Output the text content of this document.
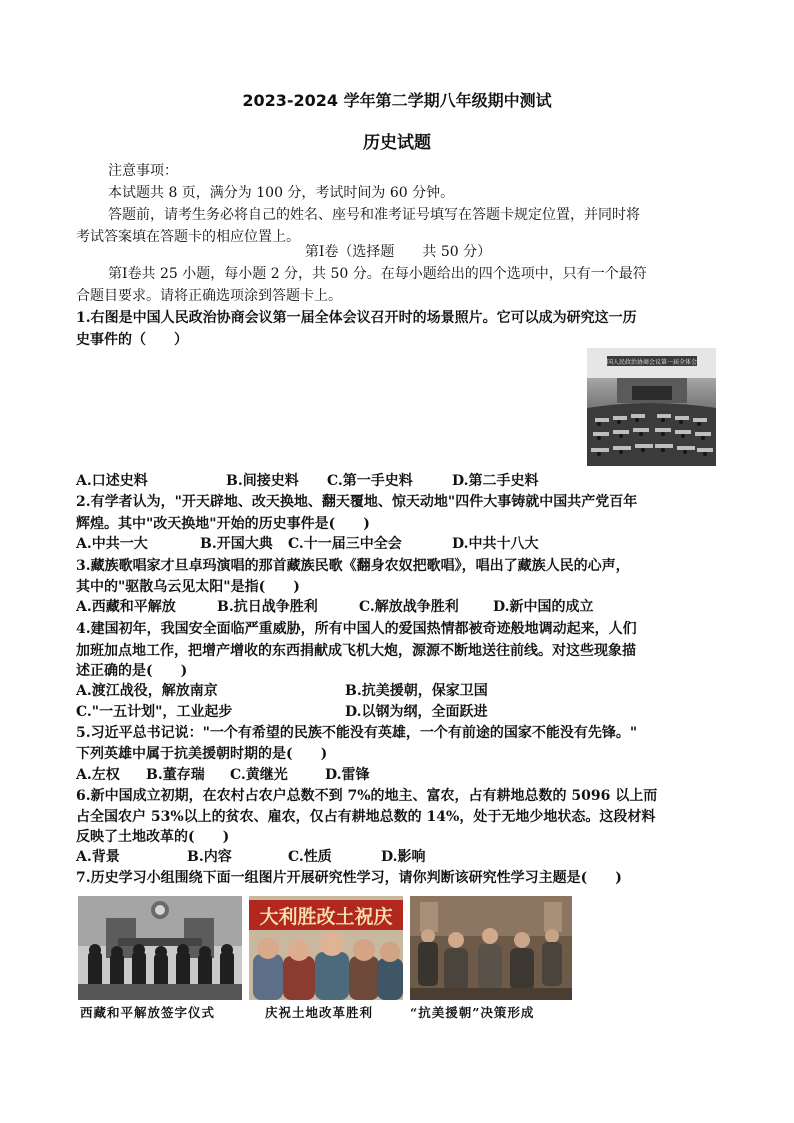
2023-2024 学年第二学期八年级期中测试
历史试题
注意事项：
本试题共 8 页，满分为 100 分，考试时间为 60 分钟。
答题前，请考生务必将自己的姓名、座号和准考证号填写在答题卡规定位置，并同时将
考试答案填在答题卡的相应位置上。
第Ⅰ卷（选择题　　共 50 分）
第Ⅰ卷共 25 小题，每小题 2 分，共 50 分。在每小题给出的四个选项中，只有一个最符
合题目要求。请将正确选项涂到答题卡上。
1.右图是中国人民政治协商会议第一届全体会议召开时的场景照片。它可以成为研究这一历
史事件的（　　）
中国人民政治协商会议第一届全体会议
A.口述史料	B.间接史料 C.第一手史料	D.第二手史料
2.有学者认为，"开天辟地、改天换地、翻天覆地、惊天动地"四件大事铸就中国共产党百年
辉煌。其中"改天换地"开始的历史事件是(　　)
A.中共一大	B.开国大典 C.十一届三中全会	D.中共十八大
3.藏族歌唱家才旦卓玛演唱的那首藏族民歌《翻身农奴把歌唱》，唱出了藏族人民的心声，
其中的"驱散乌云见太阳"是指(　　)
A.西藏和平解放	B.抗日战争胜利	C.解放战争胜利 D.新中国的成立
4.建国初年，我国安全面临严重威胁，所有中国人的爱国热情都被奇迹般地调动起来，人们
加班加点地工作，把增产增收的东西捐献成飞机大炮，源源不断地送往前线。对这些现象描
述正确的是(　　)
A.渡江战役，解放南京	B.抗美援朝，保家卫国
C."一五计划"，工业起步	D.以钢为纲，全面跃进
5.习近平总书记说："一个有希望的民族不能没有英雄，一个有前途的国家不能没有先锋。"
下列英雄中属于抗美援朝时期的是(　　)
A.左权 B.董存瑞 C.黄继光	D.雷锋
6.新中国成立初期，在农村占农户总数不到 7%的地主、富农，占有耕地总数的 5096 以上而
占全国农户 53%以上的贫农、雇农，仅占有耕地总数的 14%，处于无地少地状态。这段材料
反映了土地改革的(　　)
A.背景	B.内容	C.性质	D.影响
7.历史学习小组围绕下面一组图片开展研究性学习，请你判断该研究性学习主题是(　　)
大利胜改土祝庆
西藏和平解放签字仪式	庆祝土地改革胜利	“抗美援朝”决策形成
